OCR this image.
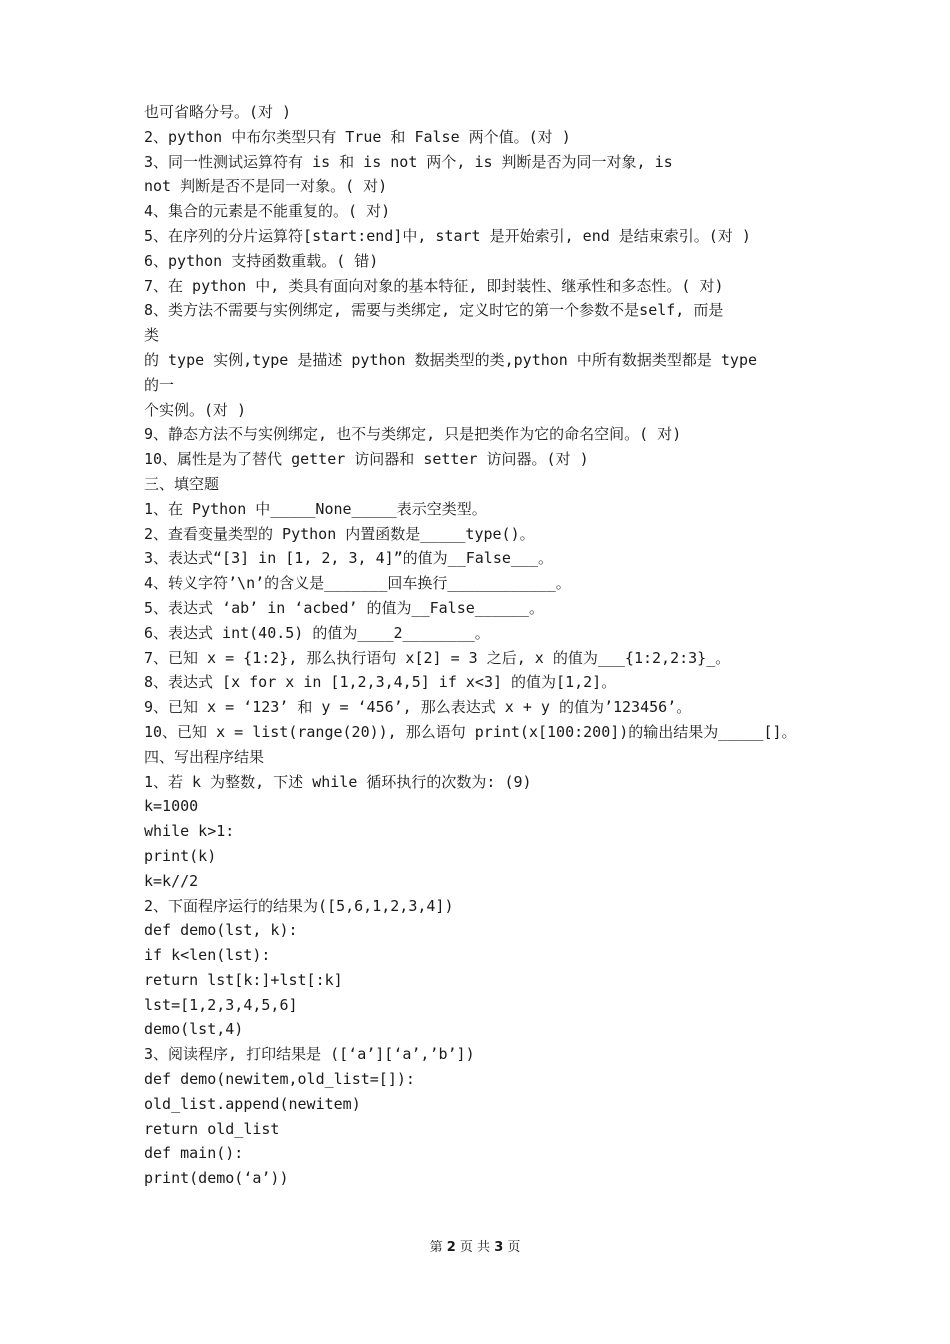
也可省略分号。(对 )
2、python 中布尔类型只有 True 和 False 两个值。(对 )
3、同一性测试运算符有 is 和 is not 两个, is 判断是否为同一对象, is
not 判断是否不是同一对象。( 对)
4、集合的元素是不能重复的。( 对)
5、在序列的分片运算符[start:end]中, start 是开始索引, end 是结束索引。(对 )
6、python 支持函数重载。( 错)
7、在 python 中, 类具有面向对象的基本特征, 即封装性、继承性和多态性。( 对)
8、类方法不需要与实例绑定, 需要与类绑定, 定义时它的第一个参数不是self, 而是
类
的 type 实例,type 是描述 python 数据类型的类,python 中所有数据类型都是 type
的一
个实例。(对 )
9、静态方法不与实例绑定, 也不与类绑定, 只是把类作为它的命名空间。( 对)
10、属性是为了替代 getter 访问器和 setter 访问器。(对 )
三、填空题
1、在 Python 中_____None_____表示空类型。
2、查看变量类型的 Python 内置函数是_____type()。
3、表达式“[3] in [1, 2, 3, 4]”的值为__False___。
4、转义字符’\n’的含义是_______回车换行____________。
5、表达式 ‘ab’ in ‘acbed’ 的值为__False______。
6、表达式 int(40.5) 的值为____2________。
7、已知 x = {1:2}, 那么执行语句 x[2] = 3 之后, x 的值为___{1:2,2:3}_。
8、表达式 [x for x in [1,2,3,4,5] if x<3] 的值为[1,2]。
9、已知 x = ‘123’ 和 y = ‘456’, 那么表达式 x + y 的值为’123456’。
10、已知 x = list(range(20)), 那么语句 print(x[100:200])的输出结果为_____[]。
四、写出程序结果
1、若 k 为整数, 下述 while 循环执行的次数为: (9)
k=1000
while k>1:
print(k)
k=k//2
2、下面程序运行的结果为([5,6,1,2,3,4])
def demo(lst, k):
if k<len(lst):
return lst[k:]+lst[:k]
lst=[1,2,3,4,5,6]
demo(lst,4)
3、阅读程序, 打印结果是 ([‘a’][‘a’,’b’])
def demo(newitem,old_list=[]):
old_list.append(newitem)
return old_list
def main():
print(demo(‘a’))
第 2 页 共 3 页
